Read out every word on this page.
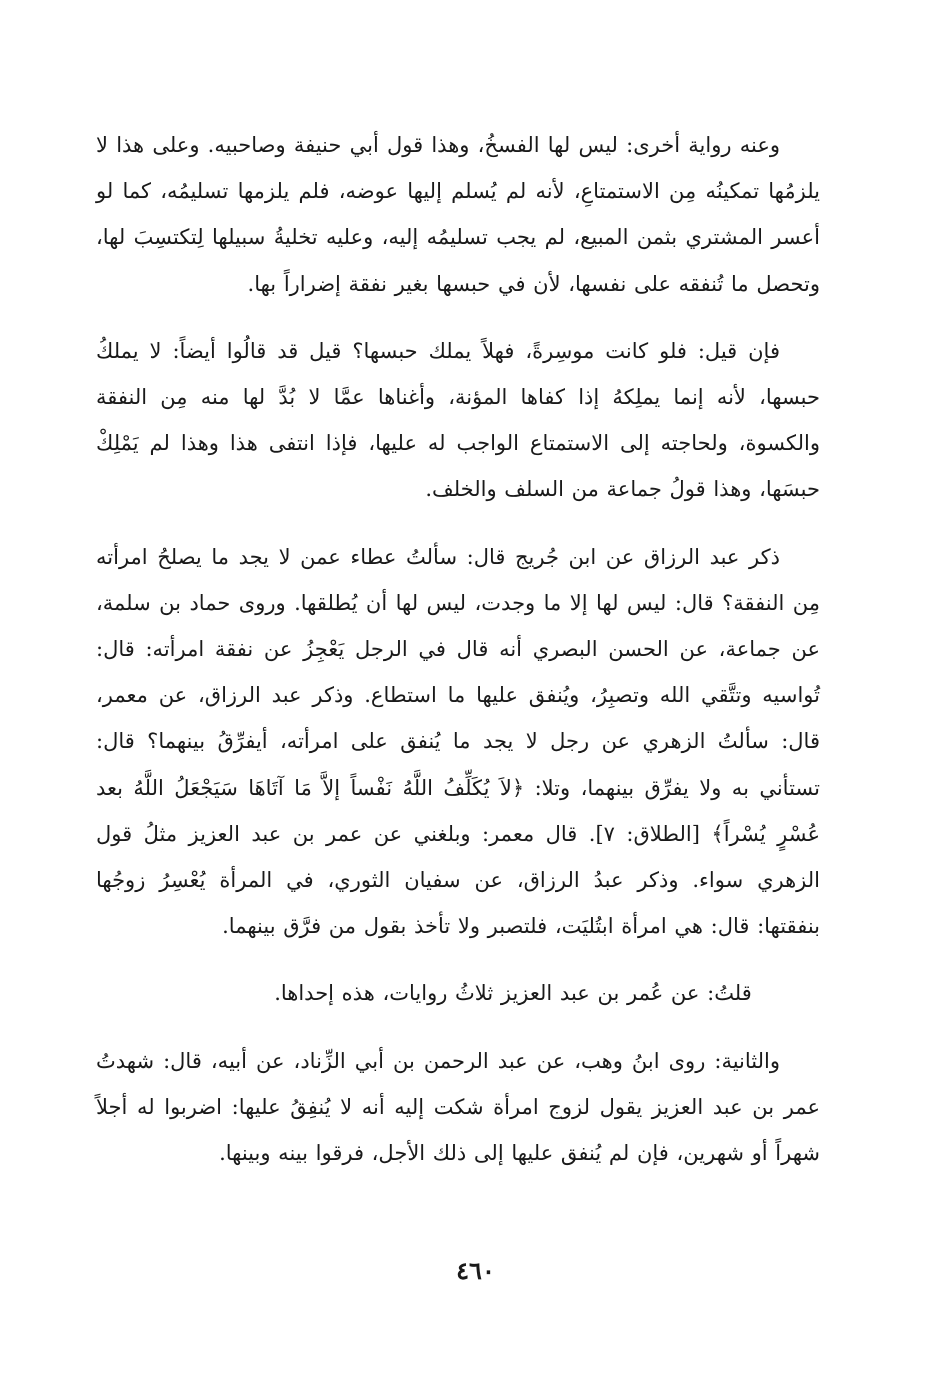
وعنه رواية أخرى: ليس لها الفسخُ، وهذا قول أبي حنيفة وصاحبيه. وعلى هذا لا يلزمُها تمكينُه مِن الاستمتاعِ، لأنه لم يُسلم إليها عوضه، فلم يلزمها تسليمُه، كما لو أعسر المشتري بثمن المبيع، لم يجب تسليمُه إليه، وعليه تخليةُ سبيلها لِتكتسِبَ لها، وتحصل ما تُنفقه على نفسها، لأن في حبسها بغير نفقة إضراراً بها.

فإن قيل: فلو كانت موسِرةً، فهلاً يملك حبسها؟ قيل قد قالُوا أيضاً: لا يملكُ حبسها، لأنه إنما يملِكهُ إذا كفاها المؤنة، وأغناها عمَّا لا بُدَّ لها منه مِن النفقة والكسوة، ولحاجته إلى الاستمتاع الواجب له عليها، فإذا انتفى هذا وهذا لم يَمْلِكْ حبسَها، وهذا قولُ جماعة من السلف والخلف.

ذكر عبد الرزاق عن ابن جُريج قال: سألتُ عطاء عمن لا يجد ما يصلحُ امرأته مِن النفقة؟ قال: ليس لها إلا ما وجدت، ليس لها أن يُطلقها. وروى حماد بن سلمة، عن جماعة، عن الحسن البصري أنه قال في الرجل يَعْجِزُ عن نفقة امرأته: قال: تُواسيه وتتَّقي الله وتصبِرُ، ويُنفق عليها ما استطاع. وذكر عبد الرزاق، عن معمر، قال: سألتُ الزهري عن رجل لا يجد ما يُنفق على امرأته، أيفرِّقُ بينهما؟ قال: تستأني به ولا يفرِّق بينهما، وتلا: ﴿لاَ يُكَلِّفُ اللَّهُ نَفْساً إلاَّ مَا آتَاهَا سَيَجْعَلُ اللَّهُ بعد عُسْرٍ يُسْراً﴾ [الطلاق: ٧]. قال معمر: وبلغني عن عمر بن عبد العزيز مثلُ قول الزهري سواء. وذكر عبدُ الرزاق، عن سفيان الثوري، في المرأة يُعْسِرُ زوجُها بنفقتها: قال: هي امرأة ابتُليَت، فلتصبر ولا تأخذ بقول من فرَّق بينهما.

قلتُ: عن عُمر بن عبد العزيز ثلاثُ روايات، هذه إحداها.

والثانية: روى ابنُ وهب، عن عبد الرحمن بن أبي الزِّناد، عن أبيه، قال: شهدتُ عمر بن عبد العزيز يقول لزوج امرأة شكت إليه أنه لا يُنفِقُ عليها: اضربوا له أجلاً شهراً أو شهرين، فإن لم يُنفق عليها إلى ذلك الأجل، فرقوا بينه وبينها.

٤٦٠
